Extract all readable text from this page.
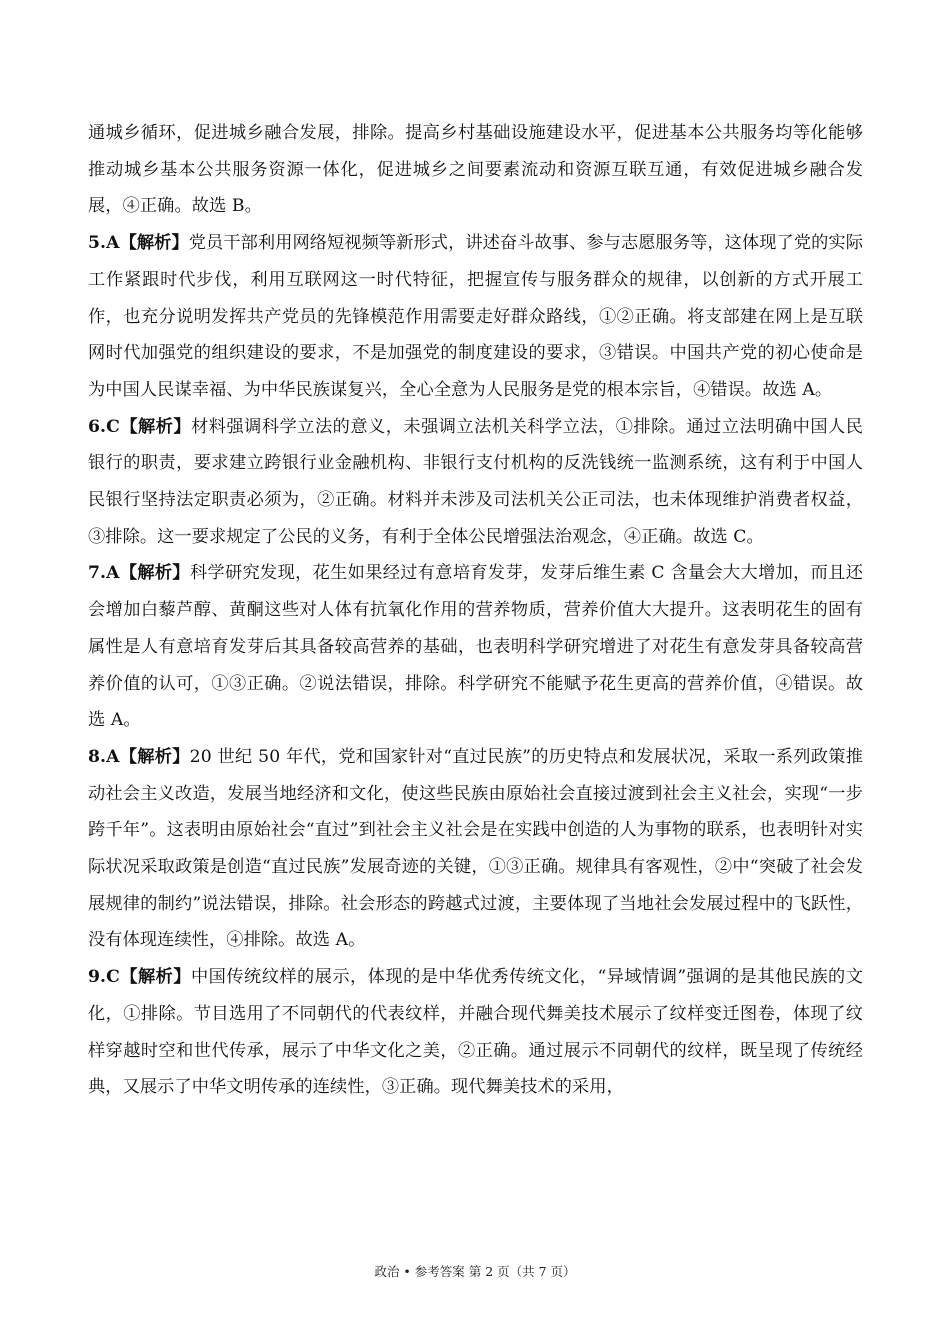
通城乡循环，促进城乡融合发展，排除。提高乡村基础设施建设水平，促进基本公共服务均等化能够推动城乡基本公共服务资源一体化，促进城乡之间要素流动和资源互联互通，有效促进城乡融合发展，④正确。故选 B。

5.A【解析】党员干部利用网络短视频等新形式，讲述奋斗故事、参与志愿服务等，这体现了党的实际工作紧跟时代步伐，利用互联网这一时代特征，把握宣传与服务群众的规律，以创新的方式开展工作，也充分说明发挥共产党员的先锋模范作用需要走好群众路线，①②正确。将支部建在网上是互联网时代加强党的组织建设的要求，不是加强党的制度建设的要求，③错误。中国共产党的初心使命是为中国人民谋幸福、为中华民族谋复兴，全心全意为人民服务是党的根本宗旨，④错误。故选 A。

6.C【解析】材料强调科学立法的意义，未强调立法机关科学立法，①排除。通过立法明确中国人民银行的职责，要求建立跨银行业金融机构、非银行支付机构的反洗钱统一监测系统，这有利于中国人民银行坚持法定职责必须为，②正确。材料并未涉及司法机关公正司法，也未体现维护消费者权益，③排除。这一要求规定了公民的义务，有利于全体公民增强法治观念，④正确。故选 C。

7.A【解析】科学研究发现，花生如果经过有意培育发芽，发芽后维生素 C 含量会大大增加，而且还会增加白藜芦醇、黄酮这些对人体有抗氧化作用的营养物质，营养价值大大提升。这表明花生的固有属性是人有意培育发芽后其具备较高营养的基础，也表明科学研究增进了对花生有意发芽具备较高营养价值的认可，①③正确。②说法错误，排除。科学研究不能赋予花生更高的营养价值，④错误。故选 A。

8.A【解析】20 世纪 50 年代，党和国家针对“直过民族”的历史特点和发展状况，采取一系列政策推动社会主义改造，发展当地经济和文化，使这些民族由原始社会直接过渡到社会主义社会，实现“一步跨千年”。这表明由原始社会“直过”到社会主义社会是在实践中创造的人为事物的联系，也表明针对实际状况采取政策是创造“直过民族”发展奇迹的关键，①③正确。规律具有客观性，②中“突破了社会发展规律的制约”说法错误，排除。社会形态的跨越式过渡，主要体现了当地社会发展过程中的飞跃性，没有体现连续性，④排除。故选 A。

9.C【解析】中国传统纹样的展示，体现的是中华优秀传统文化，“异域情调”强调的是其他民族的文化，①排除。节目选用了不同朝代的代表纹样，并融合现代舞美技术展示了纹样变迁图卷，体现了纹样穿越时空和世代传承，展示了中华文化之美，②正确。通过展示不同朝代的纹样，既呈现了传统经典，又展示了中华文明传承的连续性，③正确。现代舞美技术的采用，

政治 • 参考答案 第 2 页（共 7 页）
